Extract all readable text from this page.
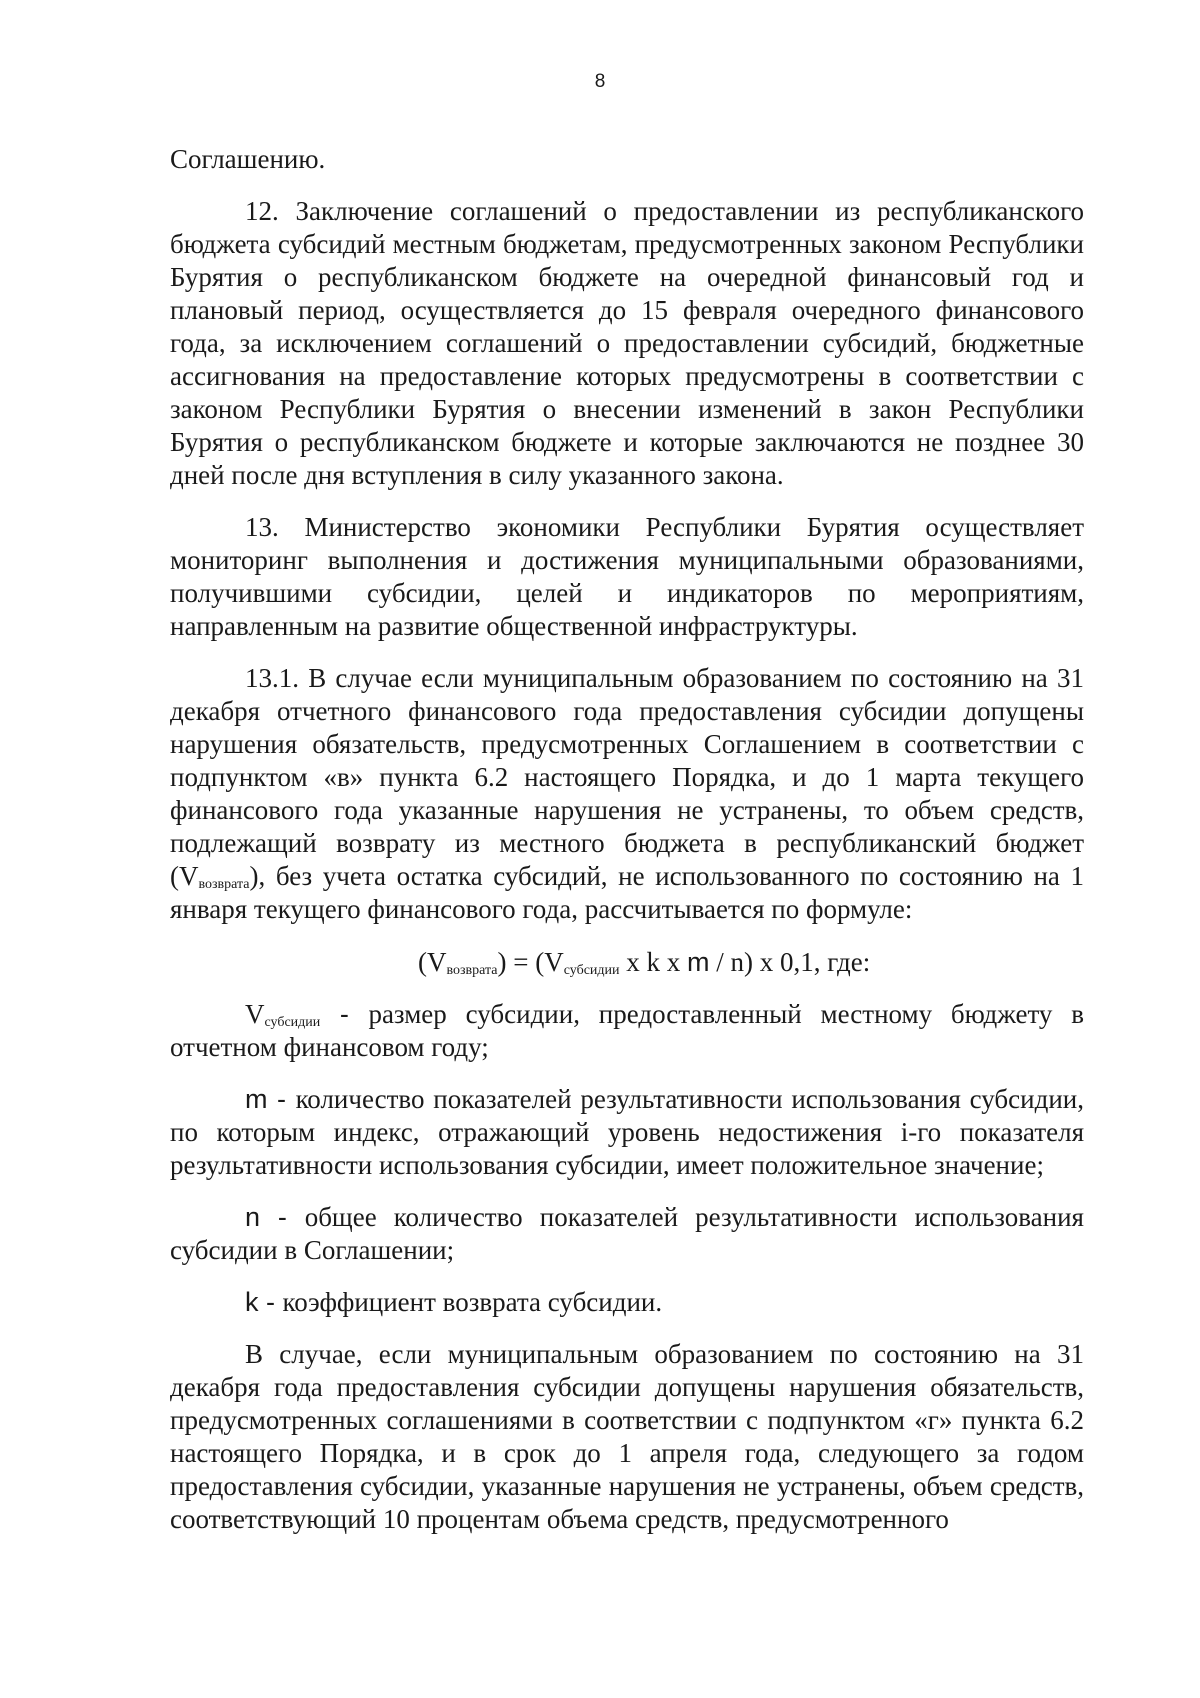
8

Соглашению.

12. Заключение соглашений о предоставлении из республиканского бюджета субсидий местным бюджетам, предусмотренных законом Республики Бурятия о республиканском бюджете на очередной финансовый год и плановый период, осуществляется до 15 февраля очередного финансового года, за исключением соглашений о предоставлении субсидий, бюджетные ассигнования на предоставление которых предусмотрены в соответствии с законом Республики Бурятия о внесении изменений в закон Республики Бурятия о республиканском бюджете и которые заключаются не позднее 30 дней после дня вступления в силу указанного закона.

13. Министерство экономики Республики Бурятия осуществляет мониторинг выполнения и достижения муниципальными образованиями, получившими субсидии, целей и индикаторов по мероприятиям, направленным на развитие общественной инфраструктуры.

13.1. В случае если муниципальным образованием по состоянию на 31 декабря отчетного финансового года предоставления субсидии допущены нарушения обязательств, предусмотренных Соглашением в соответствии с подпунктом «в» пункта 6.2 настоящего Порядка, и до 1 марта текущего финансового года указанные нарушения не устранены, то объем средств, подлежащий возврату из местного бюджета в республиканский бюджет $(V_{возврата})$, без учета остатка субсидий, не использованного по состоянию на 1 января текущего финансового года, рассчитывается по формуле:

$(V_{возврата}) = (V_{субсидии}$ x k x m / n) x 0,1, где:

$V_{субсидии}$ - размер субсидии, предоставленный местному бюджету в отчетном финансовом году;

m - количество показателей результативности использования субсидии, по которым индекс, отражающий уровень недостижения i-го показателя результативности использования субсидии, имеет положительное значение;

n - общее количество показателей результативности использования субсидии в Соглашении;

k - коэффициент возврата субсидии.

В случае, если муниципальным образованием по состоянию на 31 декабря года предоставления субсидии допущены нарушения обязательств, предусмотренных соглашениями в соответствии с подпунктом «г» пункта 6.2 настоящего Порядка, и в срок до 1 апреля года, следующего за годом предоставления субсидии, указанные нарушения не устранены, объем средств, соответствующий 10 процентам объема средств, предусмотренного
